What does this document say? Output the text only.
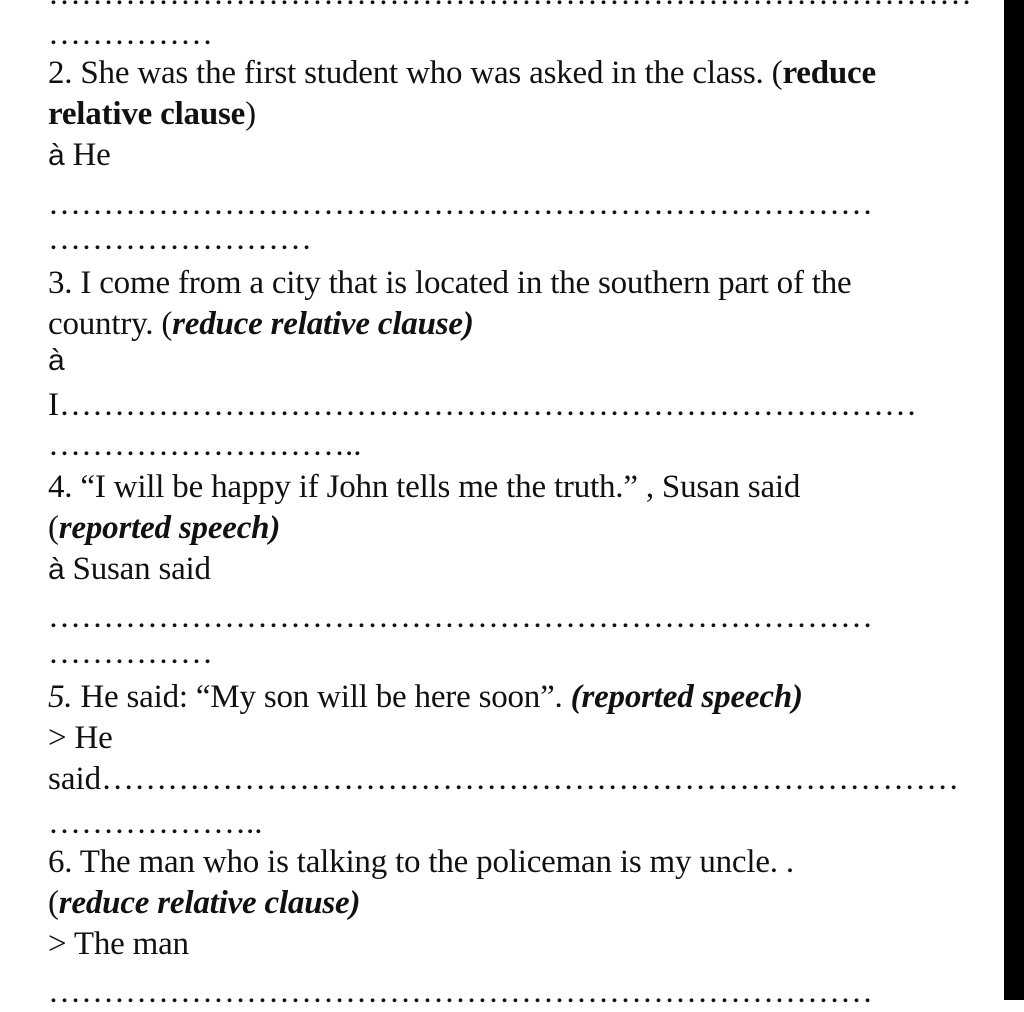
……………
2. She was the first student who was asked in the class. (reduce
relative clause)
à He
…………………………………………………………………
……………………
3. I come from a city that is located in the southern part of the
country. (reduce relative clause)
à
I……………………………………………………………………
………………………..
4. “I will be happy if John tells me the truth.” , Susan said
(reported speech)
à Susan said
…………………………………………………………………
……………
5. He said: “My son will be here soon”. (reported speech)
> He
said……………………………………………………………………
………………..
6. The man who is talking to the policeman is my uncle. .
(reduce relative clause)
> The man
…………………………………………………………………
